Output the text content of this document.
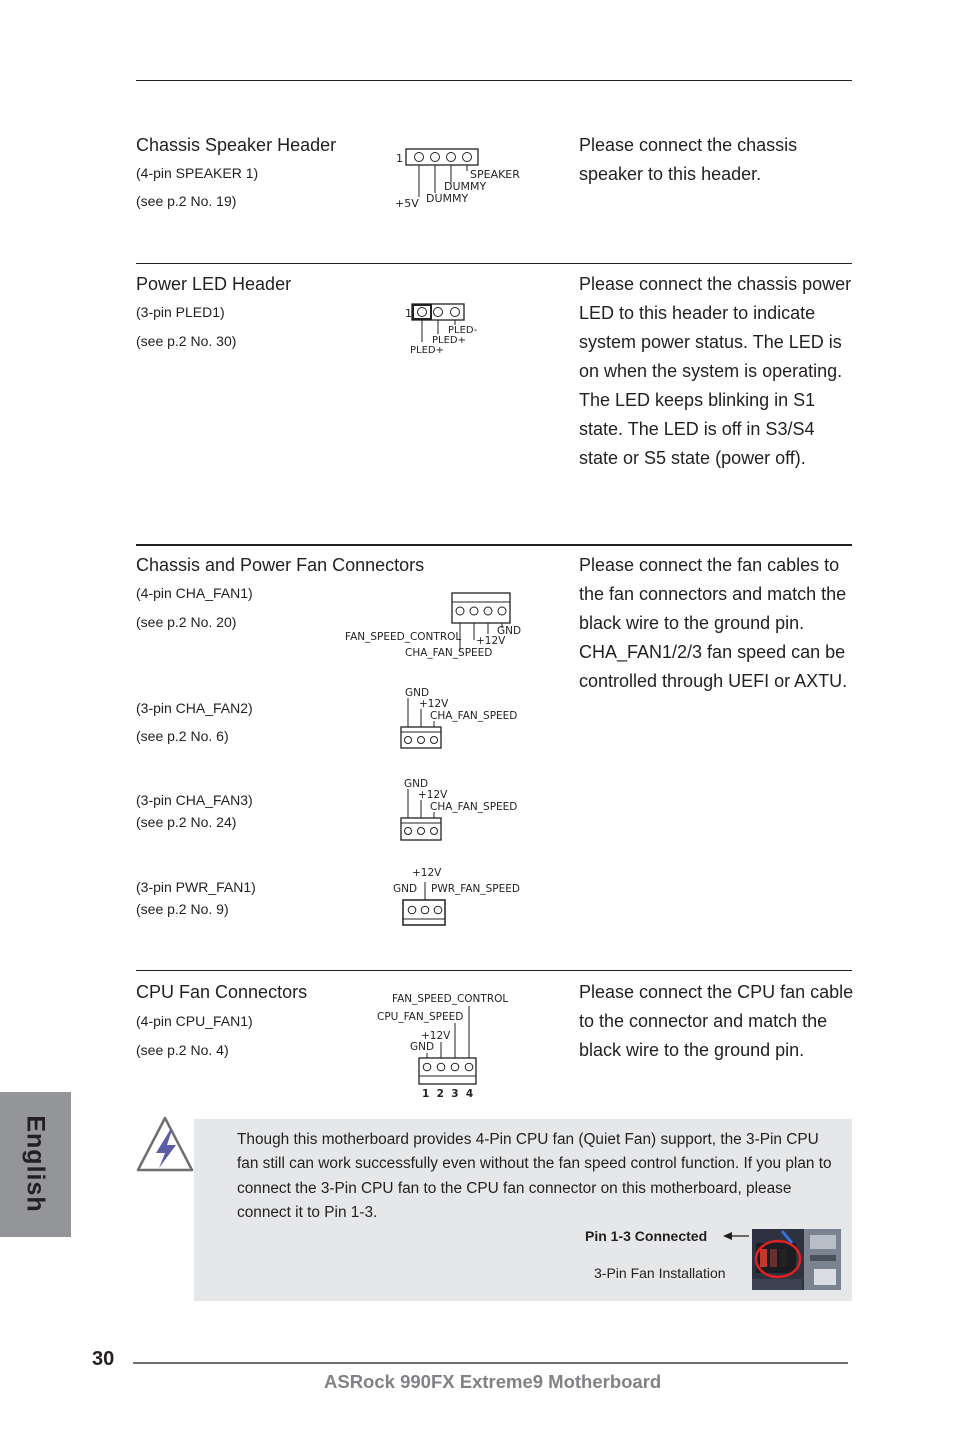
Chassis Speaker Header
(4-pin SPEAKER 1)
(see p.2 No. 19)
1
SPEAKER
DUMMY
+5V DUMMY
Please connect the chassis speaker to this header.
Power LED Header
(3-pin PLED1)
(see p.2 No. 30)
1
PLED-
PLED+
PLED+
Please connect the chassis power LED to this header to indicate system power status. The LED is on when the system is operating. The LED keeps blinking in S1 state. The LED is off in S3/S4 state or S5 state (power off).
Chassis and Power Fan Connectors
(4-pin CHA_FAN1)
(see p.2 No. 20)
GND
+12V
FAN_SPEED_CONTROL
CHA_FAN_SPEED
(3-pin CHA_FAN2)
(see p.2 No. 6)
GND
+12V
CHA_FAN_SPEED
(3-pin CHA_FAN3)
(see p.2 No. 24)
GND
+12V
CHA_FAN_SPEED
(3-pin PWR_FAN1)
(see p.2 No. 9)
+12V
GND PWR_FAN_SPEED
Please connect the fan cables to the fan connectors and match the black wire to the ground pin. CHA_FAN1/2/3 fan speed can be controlled through UEFI or AXTU.
CPU Fan Connectors
(4-pin CPU_FAN1)
(see p.2 No. 4)
FAN_SPEED_CONTROL
CPU_FAN_SPEED
+12V
GND
1  2  3  4
Please connect the CPU fan cable to the connector and match the black wire to the ground pin.
Though this motherboard provides 4-Pin CPU fan (Quiet Fan) support, the 3-Pin CPU fan still can work successfully even without the fan speed control function. If you plan to connect the 3-Pin CPU fan to the CPU fan connector on this motherboard, please connect it to Pin 1-3.
Pin 1-3 Connected
3-Pin Fan Installation
English
30
ASRock 990FX Extreme9 Motherboard
